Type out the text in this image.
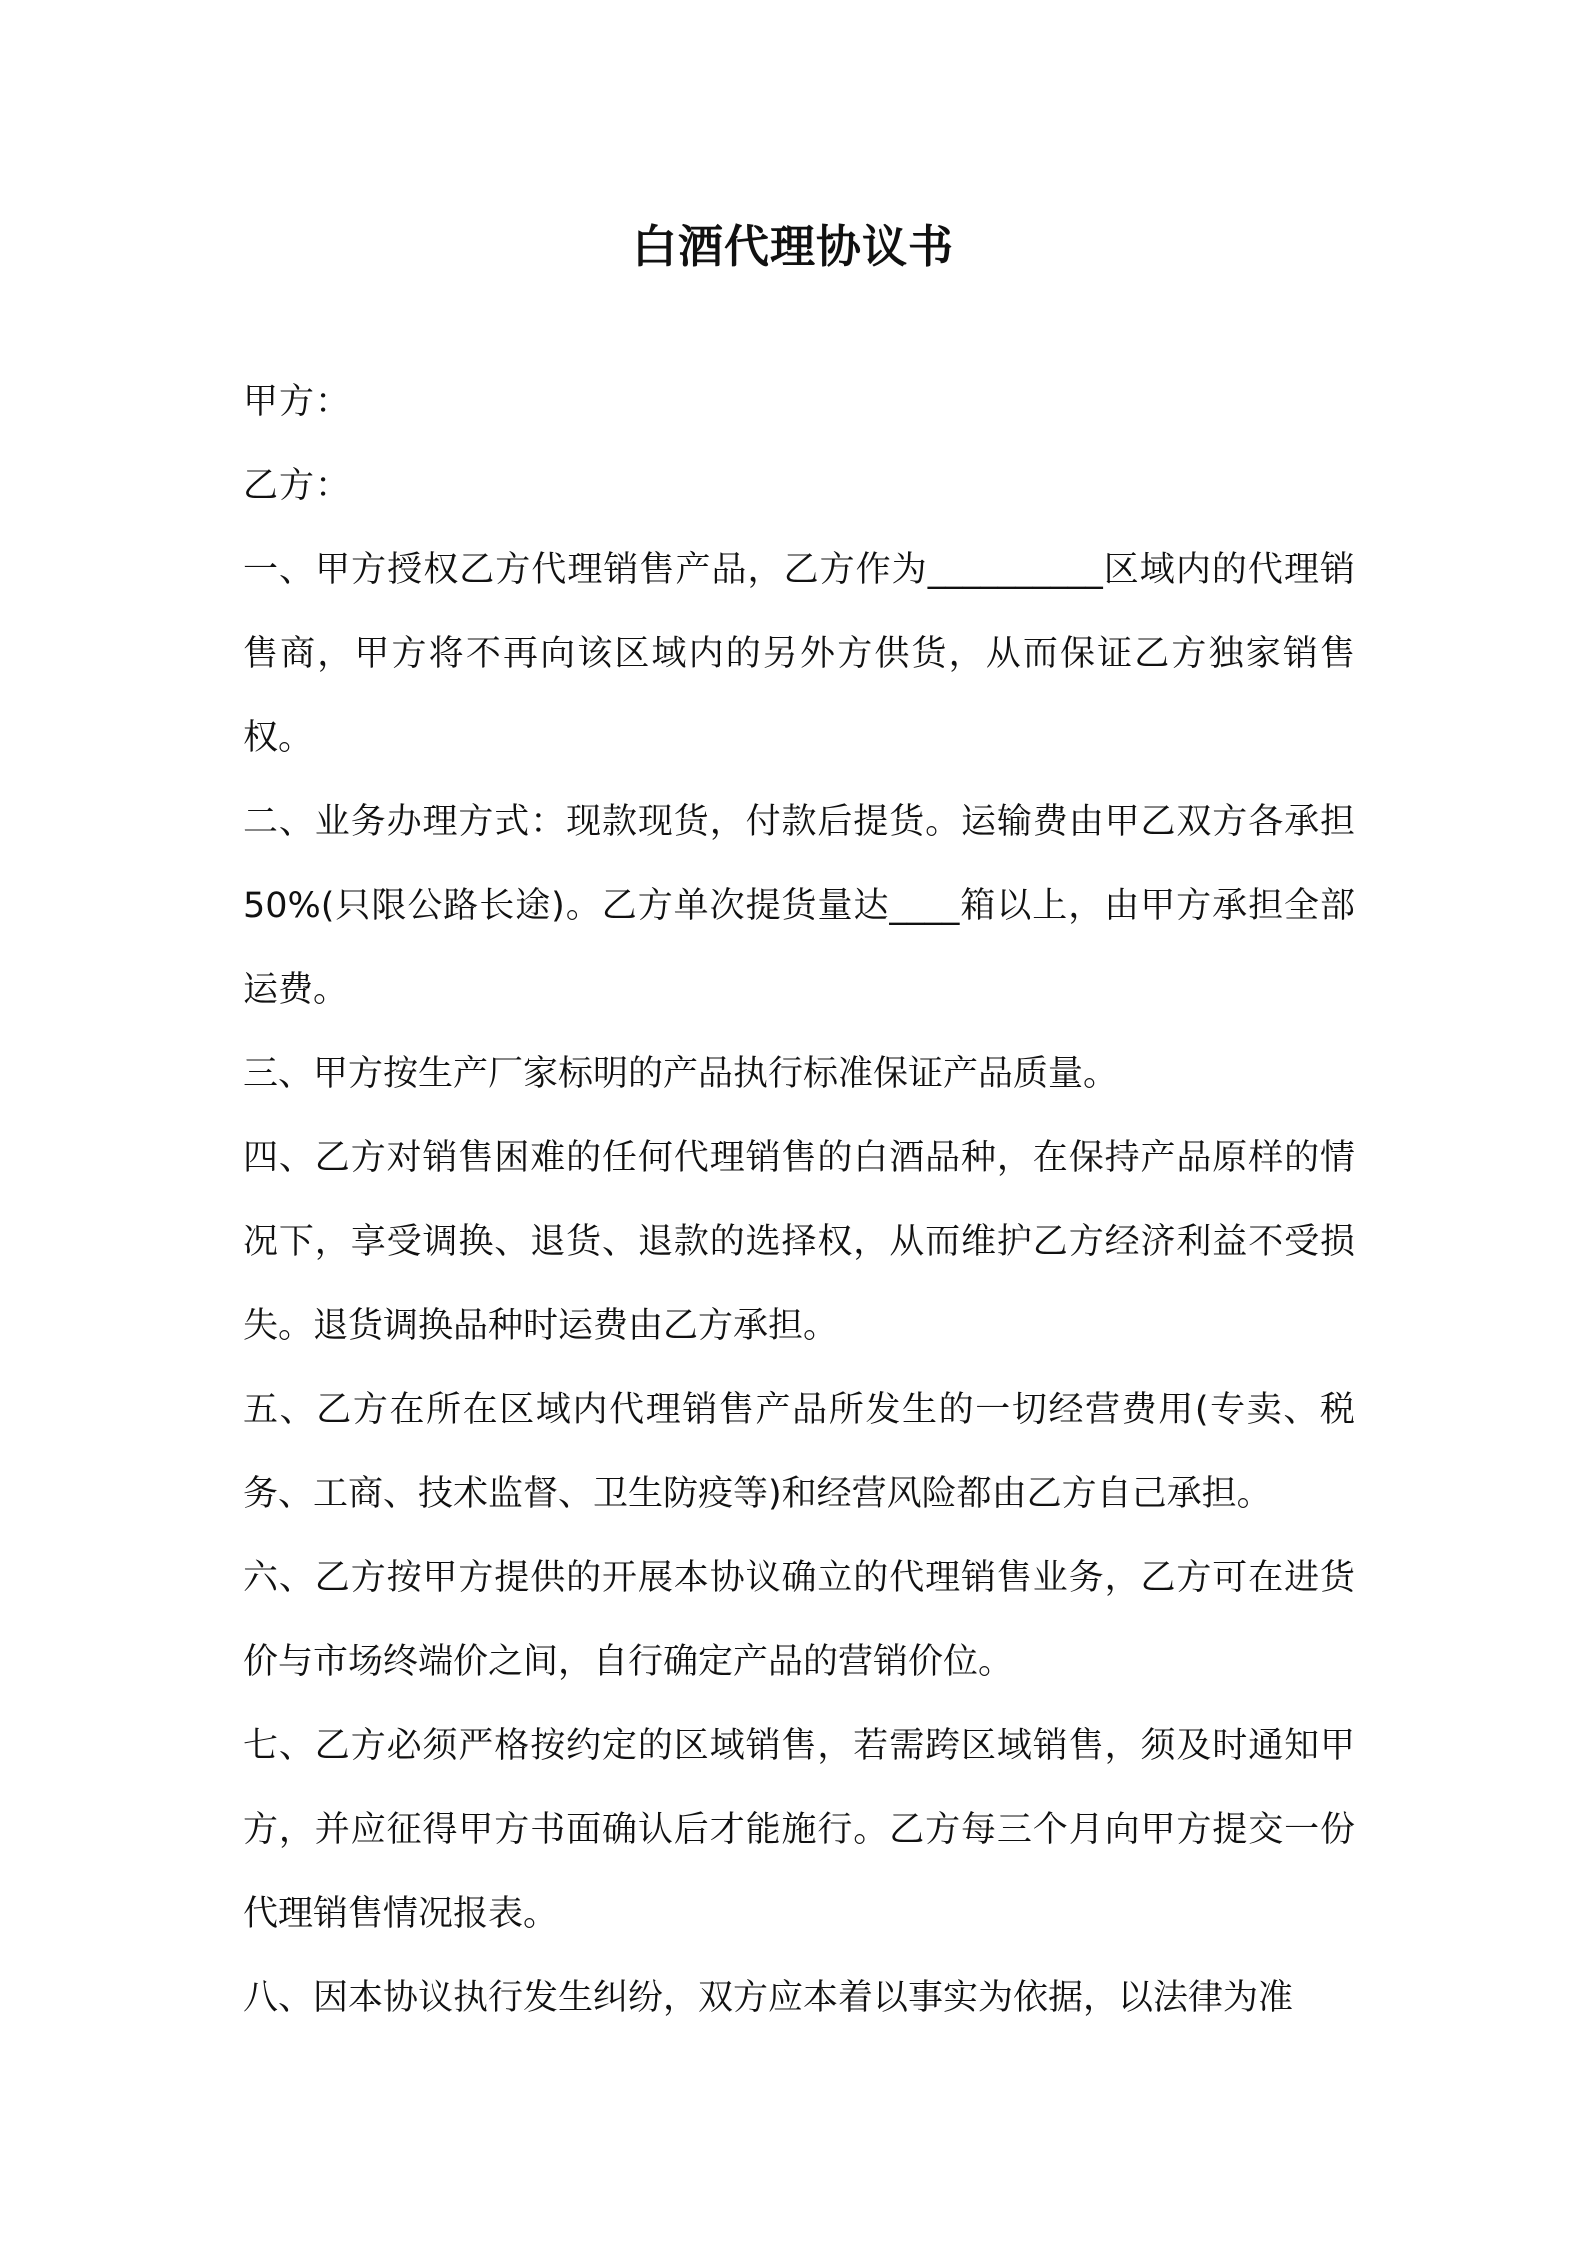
白酒代理协议书

甲方：

乙方：

一、甲方授权乙方代理销售产品，乙方作为__________区域内的代理销售商，甲方将不再向该区域内的另外方供货，从而保证乙方独家销售权。

二、业务办理方式：现款现货，付款后提货。运输费由甲乙双方各承担 50%(只限公路长途)。乙方单次提货量达____箱以上，由甲方承担全部运费。

三、甲方按生产厂家标明的产品执行标准保证产品质量。

四、乙方对销售困难的任何代理销售的白酒品种，在保持产品原样的情况下，享受调换、退货、退款的选择权，从而维护乙方经济利益不受损失。退货调换品种时运费由乙方承担。

五、乙方在所在区域内代理销售产品所发生的一切经营费用(专卖、税务、工商、技术监督、卫生防疫等)和经营风险都由乙方自己承担。

六、乙方按甲方提供的开展本协议确立的代理销售业务，乙方可在进货价与市场终端价之间，自行确定产品的营销价位。

七、乙方必须严格按约定的区域销售，若需跨区域销售，须及时通知甲方，并应征得甲方书面确认后才能施行。乙方每三个月向甲方提交一份代理销售情况报表。

八、因本协议执行发生纠纷，双方应本着以事实为依据，以法律为准
